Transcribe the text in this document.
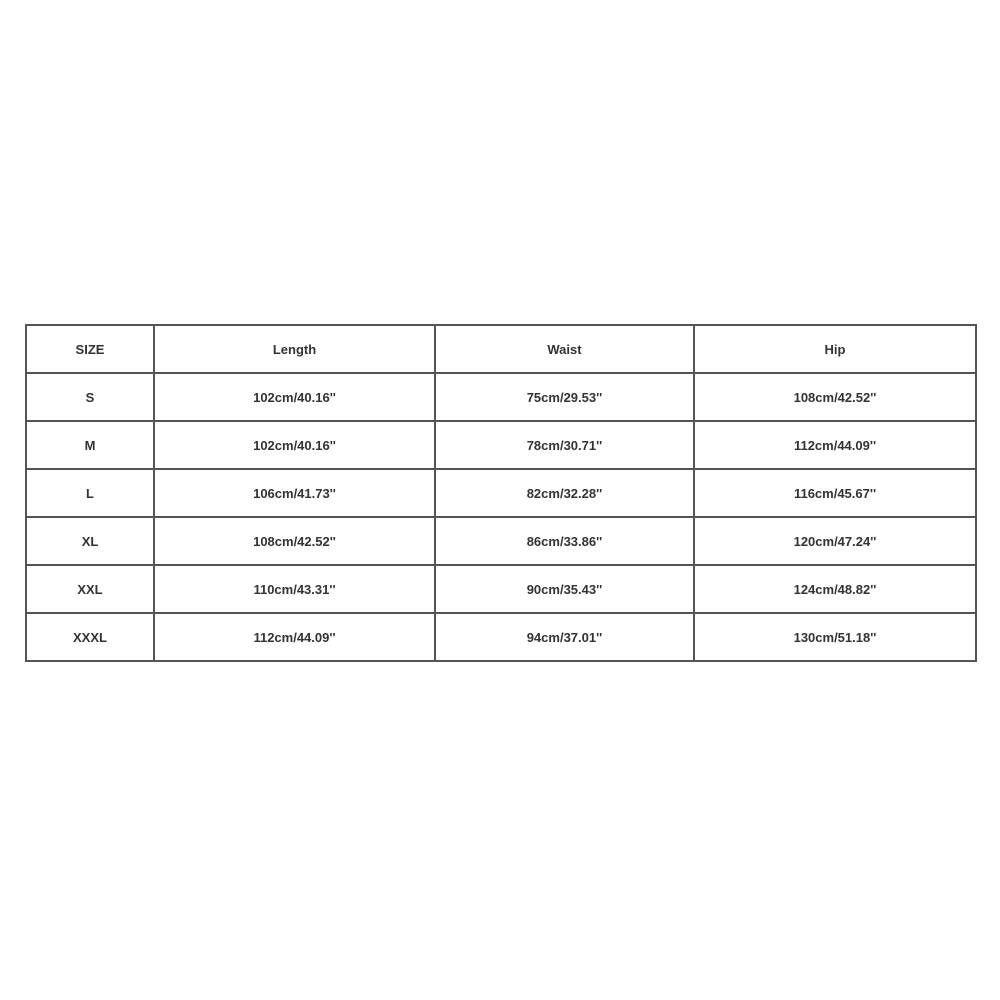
SIZE	Length	Waist	Hip
S	102cm/40.16''	75cm/29.53''	108cm/42.52''
M	102cm/40.16''	78cm/30.71''	112cm/44.09''
L	106cm/41.73''	82cm/32.28''	116cm/45.67''
XL	108cm/42.52''	86cm/33.86''	120cm/47.24''
XXL	110cm/43.31''	90cm/35.43''	124cm/48.82''
XXXL	112cm/44.09''	94cm/37.01''	130cm/51.18''
